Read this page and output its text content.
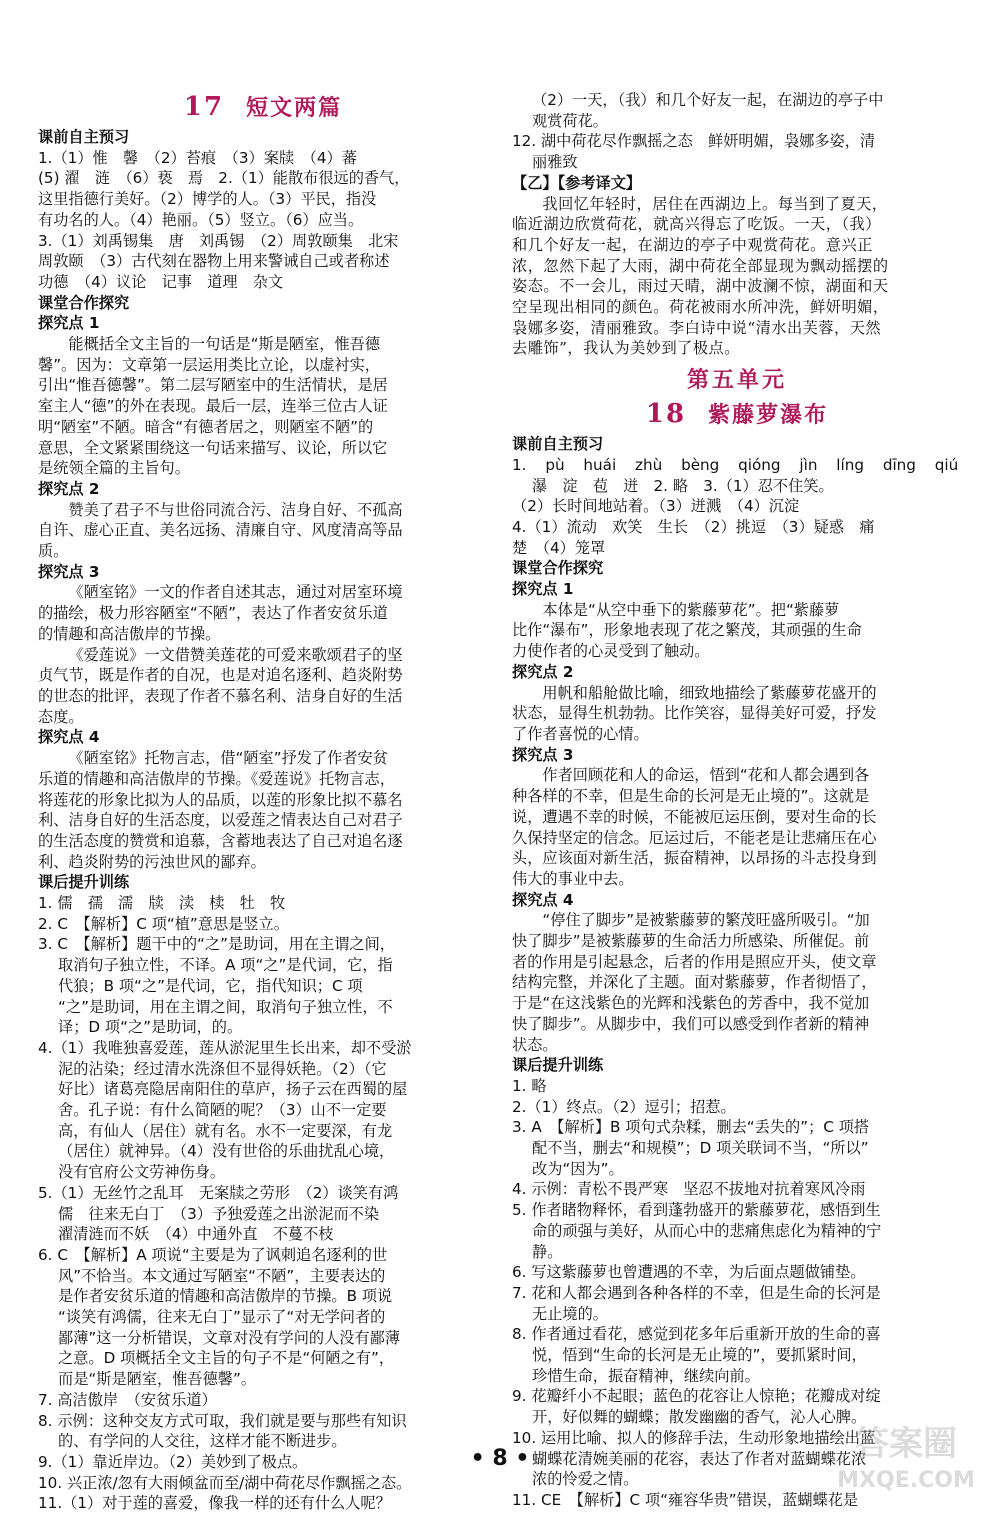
17 短文两篇
课前自主预习
1.（1）惟　馨　（2）苔痕　（3）案牍　（4）蕃
(5) 濯　涟　（6）亵　焉　2.（1）能散布很远的香气，
这里指德行美好。（2）博学的人。（3）平民，指没
有功名的人。（4）艳丽。（5）竖立。（6）应当。
3.（1）刘禹锡集　唐　刘禹锡　（2）周敦颐集　北宋
周敦颐　（3）古代刻在器物上用来警诫自己或者称述
功德　（4）议论　记事　道理　杂文
课堂合作探究
探究点 1
能概括全文主旨的一句话是“斯是陋室，惟吾德
馨”。因为：文章第一层运用类比立论，以虚衬实，
引出“惟吾德馨”。第二层写陋室中的生活情状，是居
室主人“德”的外在表现。最后一层，连举三位古人证
明“陋室”不陋。暗含“有德者居之，则陋室不陋”的
意思，全文紧紧围绕这一句话来描写、议论，所以它
是统领全篇的主旨句。
探究点 2
赞美了君子不与世俗同流合污、洁身自好、不孤高
自许、虚心正直、美名远扬、清廉自守、风度清高等品
质。
探究点 3
《陋室铭》一文的作者自述其志，通过对居室环境
的描绘，极力形容陋室“不陋”，表达了作者安贫乐道
的情趣和高洁傲岸的节操。
《爱莲说》一文借赞美莲花的可爱来歌颂君子的坚
贞气节，既是作者的自况，也是对追名逐利、趋炎附势
的世态的批评，表现了作者不慕名利、洁身自好的生活
态度。
探究点 4
《陋室铭》托物言志，借“陋室”抒发了作者安贫
乐道的情趣和高洁傲岸的节操。《爱莲说》托物言志，
将莲花的形象比拟为人的品质，以莲的形象比拟不慕名
利、洁身自好的生活态度，以爱莲之情表达自己对君子
的生活态度的赞赏和追慕，含蓄地表达了自己对追名逐
利、趋炎附势的污浊世风的鄙弃。
课后提升训练
1. 儒　孺　濡　牍　渎　椟　牡　牧
2. C　【解析】C 项“植”意思是竖立。
3. C　【解析】题干中的“之”是助词，用在主谓之间，
　 取消句子独立性，不译。A 项“之”是代词，它，指
　 代狼；B 项“之”是代词，它，指代知识；C 项
　 “之”是助词，用在主谓之间，取消句子独立性，不
　 译；D 项“之”是助词，的。
4.（1）我唯独喜爱莲，莲从淤泥里生长出来，却不受淤
　 泥的沾染；经过清水洗涤但不显得妖艳。（2）（它
　 好比）诸葛亮隐居南阳住的草庐，扬子云在西蜀的屋
　 舍。孔子说：有什么简陋的呢？（3）山不一定要
　 高，有仙人（居住）就有名。水不一定要深，有龙
　 （居住）就神异。（4）没有世俗的乐曲扰乱心境，
　 没有官府公文劳神伤身。
5.（1）无丝竹之乱耳　无案牍之劳形　（2）谈笑有鸿
　 儒　往来无白丁　（3）予独爱莲之出淤泥而不染
　 濯清涟而不妖　（4）中通外直　不蔓不枝
6. C　【解析】A 项说“主要是为了讽刺追名逐利的世
　 风”不恰当。本文通过写陋室“不陋”，主要表达的
　 是作者安贫乐道的情趣和高洁傲岸的节操。B 项说
　 “谈笑有鸿儒，往来无白丁”显示了“对无学问者的
　 鄙薄”这一分析错误，文章对没有学问的人没有鄙薄
　 之意。D 项概括全文主旨的句子不是“何陋之有”，
　 而是“斯是陋室，惟吾德馨”。
7. 高洁傲岸　（安贫乐道）
8. 示例：这种交友方式可取，我们就是要与那些有知识
　 的、有学问的人交往，这样才能不断进步。
9.（1）靠近岸边。（2）美妙到了极点。
10. 兴正浓/忽有大雨倾盆而至/湖中荷花尽作飘摇之态。
11.（1）对于莲的喜爱，像我一样的还有什么人呢？
　 （2）一天，（我）和几个好友一起，在湖边的亭子中
　 观赏荷花。
12. 湖中荷花尽作飘摇之态　鲜妍明媚，袅娜多姿，清
　 丽雅致
【乙】【参考译文】
我回忆年轻时，居住在西湖边上。每当到了夏天，
临近湖边欣赏荷花，就高兴得忘了吃饭。一天，（我）
和几个好友一起，在湖边的亭子中观赏荷花。意兴正
浓，忽然下起了大雨，湖中荷花全部显现为飘动摇摆的
姿态。不一会儿，雨过天晴，湖中波澜不惊，湖面和天
空呈现出相同的颜色。荷花被雨水所冲洗，鲜妍明媚，
袅娜多姿，清丽雅致。李白诗中说“清水出芙蓉，天然
去雕饰”，我认为美妙到了极点。
第五单元
18 紫藤萝瀑布
课前自主预习
1. pù huái zhù bèng qióng jìn líng dīng qiú
　 瀑　淀　苞　迸　2. 略　3.（1）忍不住笑。
（2）长时间地站着。（3）迸溅　（4）沉淀
4.（1）流动　欢笑　生长　（2）挑逗　（3）疑惑　痛
楚　（4）笼罩
课堂合作探究
探究点 1
本体是“从空中垂下的紫藤萝花”。把“紫藤萝
比作“瀑布”，形象地表现了花之繁茂，其顽强的生命
力使作者的心灵受到了触动。
探究点 2
用帆和船舱做比喻，细致地描绘了紫藤萝花盛开的
状态，显得生机勃勃。比作笑容，显得美好可爱，抒发
了作者喜悦的心情。
探究点 3
作者回顾花和人的命运，悟到“花和人都会遇到各
种各样的不幸，但是生命的长河是无止境的”。这就是
说，遭遇不幸的时候，不能被厄运压倒，要对生命的长
久保持坚定的信念。厄运过后，不能老是让悲痛压在心
头，应该面对新生活，振奋精神，以昂扬的斗志投身到
伟大的事业中去。
探究点 4
“停住了脚步”是被紫藤萝的繁茂旺盛所吸引。“加
快了脚步”是被紫藤萝的生命活力所感染、所催促。前
者的作用是引起悬念，后者的作用是照应开头，使文章
结构完整，并深化了主题。面对紫藤萝，作者彻悟了，
于是“在这浅紫色的光辉和浅紫色的芳香中，我不觉加
快了脚步”。从脚步中，我们可以感受到作者新的精神
状态。
课后提升训练
1. 略
2.（1）终点。（2）逗引；招惹。
3. A　【解析】B 项句式杂糅，删去“丢失的”；C 项搭
　 配不当，删去“和规模”；D 项关联词不当，“所以”
　 改为“因为”。
4. 示例：青松不畏严寒　坚忍不拔地对抗着寒风冷雨
5. 作者睹物释怀，看到蓬勃盛开的紫藤萝花，感悟到生
　 命的顽强与美好，从而心中的悲痛焦虑化为精神的宁
　 静。
6. 写这紫藤萝也曾遭遇的不幸，为后面点题做铺垫。
7. 花和人都会遇到各种各样的不幸，但是生命的长河是
　 无止境的。
8. 作者通过看花，感觉到花多年后重新开放的生命的喜
　 悦，悟到“生命的长河是无止境的”，要抓紧时间，
　 珍惜生命，振奋精神，继续向前。
9. 花瓣纤小不起眼；蓝色的花容让人惊艳；花瓣成对绽
　 开，好似舞的蝴蝶；散发幽幽的香气，沁人心脾。
10. 运用比喻、拟人的修辞手法，生动形象地描绘出蓝
　 蝴蝶花清婉美丽的花容，表达了作者对蓝蝴蝶花浓
　 浓的怜爱之情。
11. CE　【解析】C 项“雍容华贵”错误，蓝蝴蝶花是
• 8 •	答案圈
MXQE.COM
